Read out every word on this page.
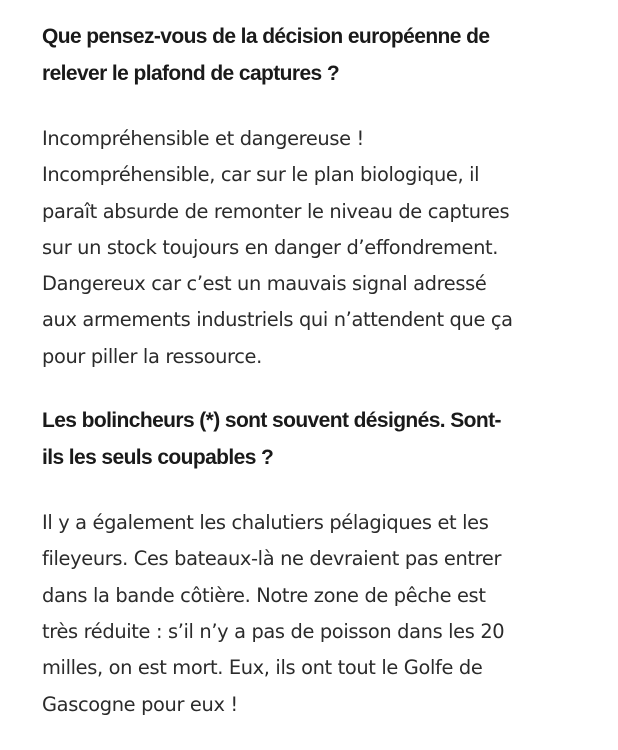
Que pensez-vous de la décision européenne de
relever le plafond de captures ?

Incompréhensible et dangereuse !
Incompréhensible, car sur le plan biologique, il
paraît absurde de remonter le niveau de captures
sur un stock toujours en danger d’effondrement.
Dangereux car c’est un mauvais signal adressé
aux armements industriels qui n’attendent que ça
pour piller la ressource.

Les bolincheurs (*) sont souvent désignés. Sont-
ils les seuls coupables ?

Il y a également les chalutiers pélagiques et les
fileyeurs. Ces bateaux-là ne devraient pas entrer
dans la bande côtière. Notre zone de pêche est
très réduite : s’il n’y a pas de poisson dans les 20
milles, on est mort. Eux, ils ont tout le Golfe de
Gascogne pour eux !
